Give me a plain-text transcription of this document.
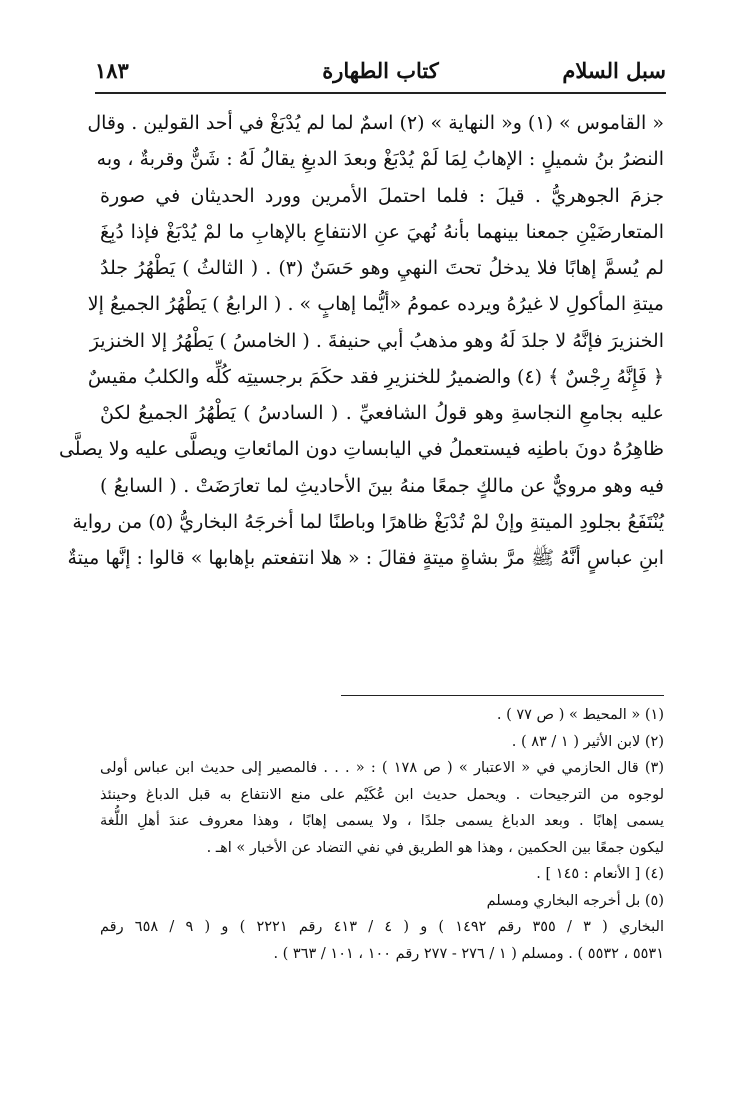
سبل السلام
كتاب الطهارة
١٨٣
« القاموس » (١) و« النهاية » (٢) اسمٌ لما لم يُدْبَغْ في أحد القولين . وقال
النضرُ بنُ شميلٍ : الإهابُ لِمَا لَمْ يُدْبَغْ وبعدَ الدبغِ يقالُ لَهُ : شَنٌّ وقربةٌ ، وبه
جزمَ الجوهريُّ . قيلَ : فلما احتملَ الأمرين وورد الحديثان في صورة
المتعارضَيْنِ جمعنا بينهما بأنهُ نُهيَ عنِ الانتفاعِ بالإهابِ ما لمْ يُدْبَغْ فإذا دُبِغَ
لم يُسمَّ إهابًا فلا يدخلُ تحتَ النهيِ وهو حَسَنٌ (٣) . ( الثالثُ ) يَطْهُرُ جلدُ
ميتةِ المأكولِ لا غيرُهُ ويرده عمومُ «أيُّما إهابٍ » . ( الرابعُ ) يَطْهُرُ الجميعُ إلا
الخنزيرَ فإنَّهُ لا جلدَ لَهُ وهو مذهبُ أبي حنيفةَ . ( الخامسُ ) يَطْهُرُ إلا الخنزيرَ
﴿ فَإِنَّهُ رِجْسٌ ﴾ (٤) والضميرُ للخنزيرِ فقد حكَمَ برجسيتِه كُلِّه والكلبُ مقيسٌ
عليه بجامعِ النجاسةِ وهو قولُ الشافعيِّ . ( السادسُ ) يَطْهُرُ الجميعُ لكنْ
ظاهِرُهُ دونَ باطنِه فيستعملُ في اليابساتِ دون المائعاتِ ويصلَّى عليه ولا يصلَّى
فيه وهو مرويٌّ عن مالكٍ جمعًا منهُ بينَ الأحاديثِ لما تعارَضَتْ . ( السابعُ )
يُنْتَفَعُ بجلودِ الميتةِ وإنْ لمْ تُدْبَغْ ظاهرًا وباطنًا لما أخرجَهُ البخاريُّ (٥) من رواية
ابنِ عباسٍ أنَّهُ ﷺ مرَّ بشاةٍ ميتةٍ فقالَ : « هلا انتفعتم بإهابها » قالوا : إنَّها ميتةٌ
(١) « المحيط » ( ص ٧٧ ) .
(٢) لابن الأثير ( ١ / ٨٣ ) .
(٣) قال الحازمي في « الاعتبار » ( ص ١٧٨ ) : « . . . فالمصير إلى حديث ابن عباس أولى
لوجوه من الترجيحات . ويحمل حديث ابن عُكَيْم على منع الانتفاع به قبل الدباغ وحينئذ
يسمى إهابًا . وبعد الدباغ يسمى جلدًا ، ولا يسمى إهابًا ، وهذا معروف عندَ أهلِ اللُّغة
ليكون جمعًا بين الحكمين ، وهذا هو الطريق في نفي التضاد عن الأخبار » اهـ .
(٤) [ الأنعام : ١٤٥ ] .
(٥) بل أخرجه البخاري ومسلم
البخاري ( ٣ / ٣٥٥ رقم ١٤٩٢ ) و ( ٤ / ٤١٣ رقم ٢٢٢١ ) و ( ٩ / ٦٥٨ رقم
٥٥٣١ ، ٥٥٣٢ ) . ومسلم ( ١ / ٢٧٦ - ٢٧٧ رقم ١٠٠ ، ١٠١ / ٣٦٣ ) .
